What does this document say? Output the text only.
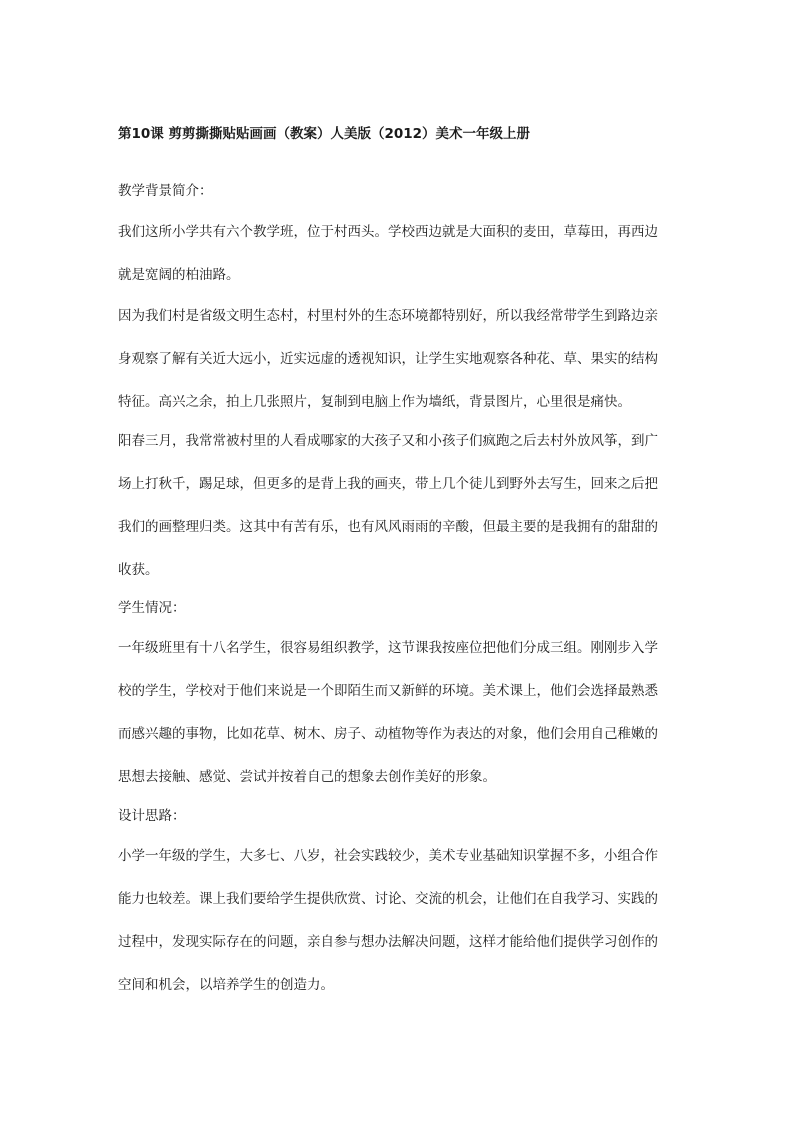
第10课 剪剪撕撕贴贴画画（教案）人美版（2012）美术一年级上册
教学背景简介：
我们这所小学共有六个教学班，位于村西头。学校西边就是大面积的麦田，草莓田，再西边
就是宽阔的柏油路。
因为我们村是省级文明生态村，村里村外的生态环境都特别好，所以我经常带学生到路边亲
身观察了解有关近大远小，近实远虚的透视知识，让学生实地观察各种花、草、果实的结构
特征。高兴之余，拍上几张照片，复制到电脑上作为墙纸，背景图片，心里很是痛快。
阳春三月，我常常被村里的人看成哪家的大孩子又和小孩子们疯跑之后去村外放风筝，到广
场上打秋千，踢足球，但更多的是背上我的画夹，带上几个徒儿到野外去写生，回来之后把
我们的画整理归类。这其中有苦有乐，也有风风雨雨的辛酸，但最主要的是我拥有的甜甜的
收获。
学生情况：
一年级班里有十八名学生，很容易组织教学，这节课我按座位把他们分成三组。刚刚步入学
校的学生，学校对于他们来说是一个即陌生而又新鲜的环境。美术课上，他们会选择最熟悉
而感兴趣的事物，比如花草、树木、房子、动植物等作为表达的对象，他们会用自己稚嫩的
思想去接触、感觉、尝试并按着自己的想象去创作美好的形象。
设计思路：
小学一年级的学生，大多七、八岁，社会实践较少，美术专业基础知识掌握不多，小组合作
能力也较差。课上我们要给学生提供欣赏、讨论、交流的机会，让他们在自我学习、实践的
过程中，发现实际存在的问题，亲自参与想办法解决问题，这样才能给他们提供学习创作的
空间和机会，以培养学生的创造力。
